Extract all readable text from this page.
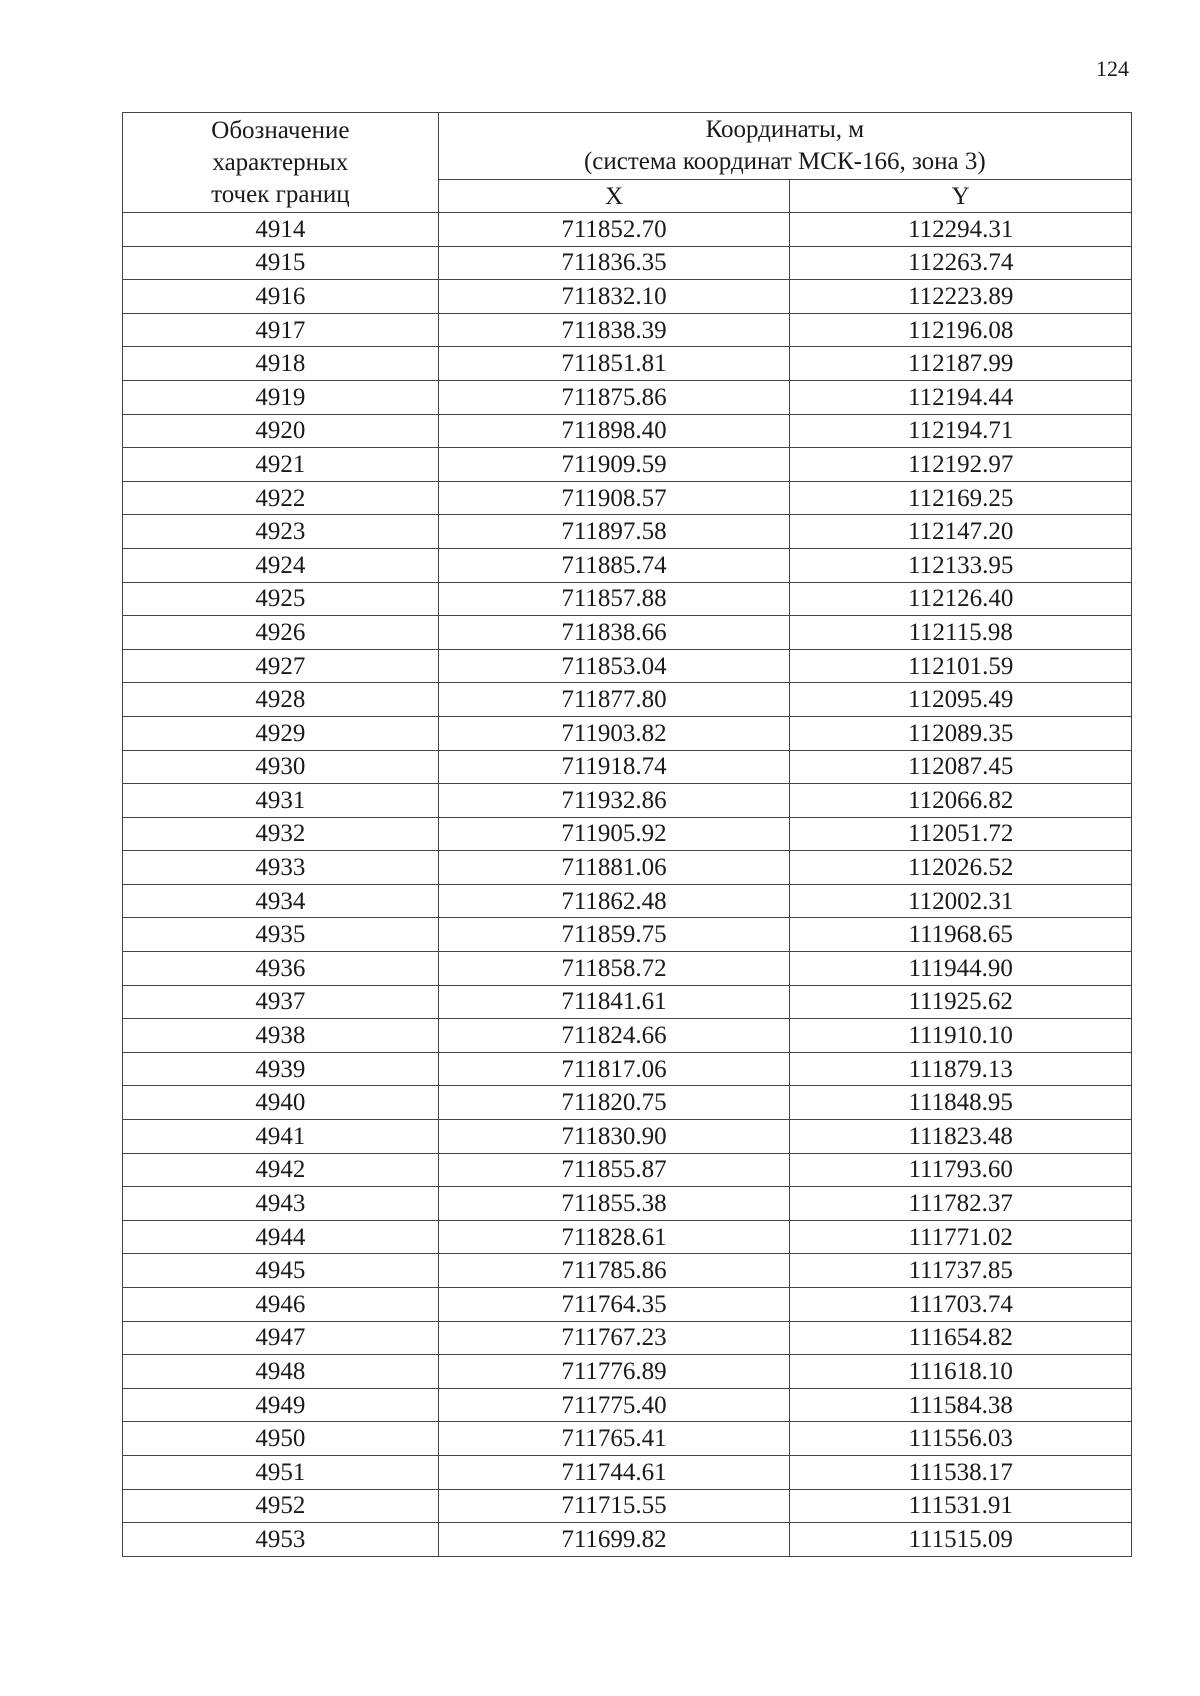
124
Обозначение
характерных
точек границ	Координаты, м
(система координат МСК-166, зона 3)	

	X	Y
4914	711852.70	112294.31
4915	711836.35	112263.74
4916	711832.10	112223.89
4917	711838.39	112196.08
4918	711851.81	112187.99
4919	711875.86	112194.44
4920	711898.40	112194.71
4921	711909.59	112192.97
4922	711908.57	112169.25
4923	711897.58	112147.20
4924	711885.74	112133.95
4925	711857.88	112126.40
4926	711838.66	112115.98
4927	711853.04	112101.59
4928	711877.80	112095.49
4929	711903.82	112089.35
4930	711918.74	112087.45
4931	711932.86	112066.82
4932	711905.92	112051.72
4933	711881.06	112026.52
4934	711862.48	112002.31
4935	711859.75	111968.65
4936	711858.72	111944.90
4937	711841.61	111925.62
4938	711824.66	111910.10
4939	711817.06	111879.13
4940	711820.75	111848.95
4941	711830.90	111823.48
4942	711855.87	111793.60
4943	711855.38	111782.37
4944	711828.61	111771.02
4945	711785.86	111737.85
4946	711764.35	111703.74
4947	711767.23	111654.82
4948	711776.89	111618.10
4949	711775.40	111584.38
4950	711765.41	111556.03
4951	711744.61	111538.17
4952	711715.55	111531.91
4953	711699.82	111515.09
